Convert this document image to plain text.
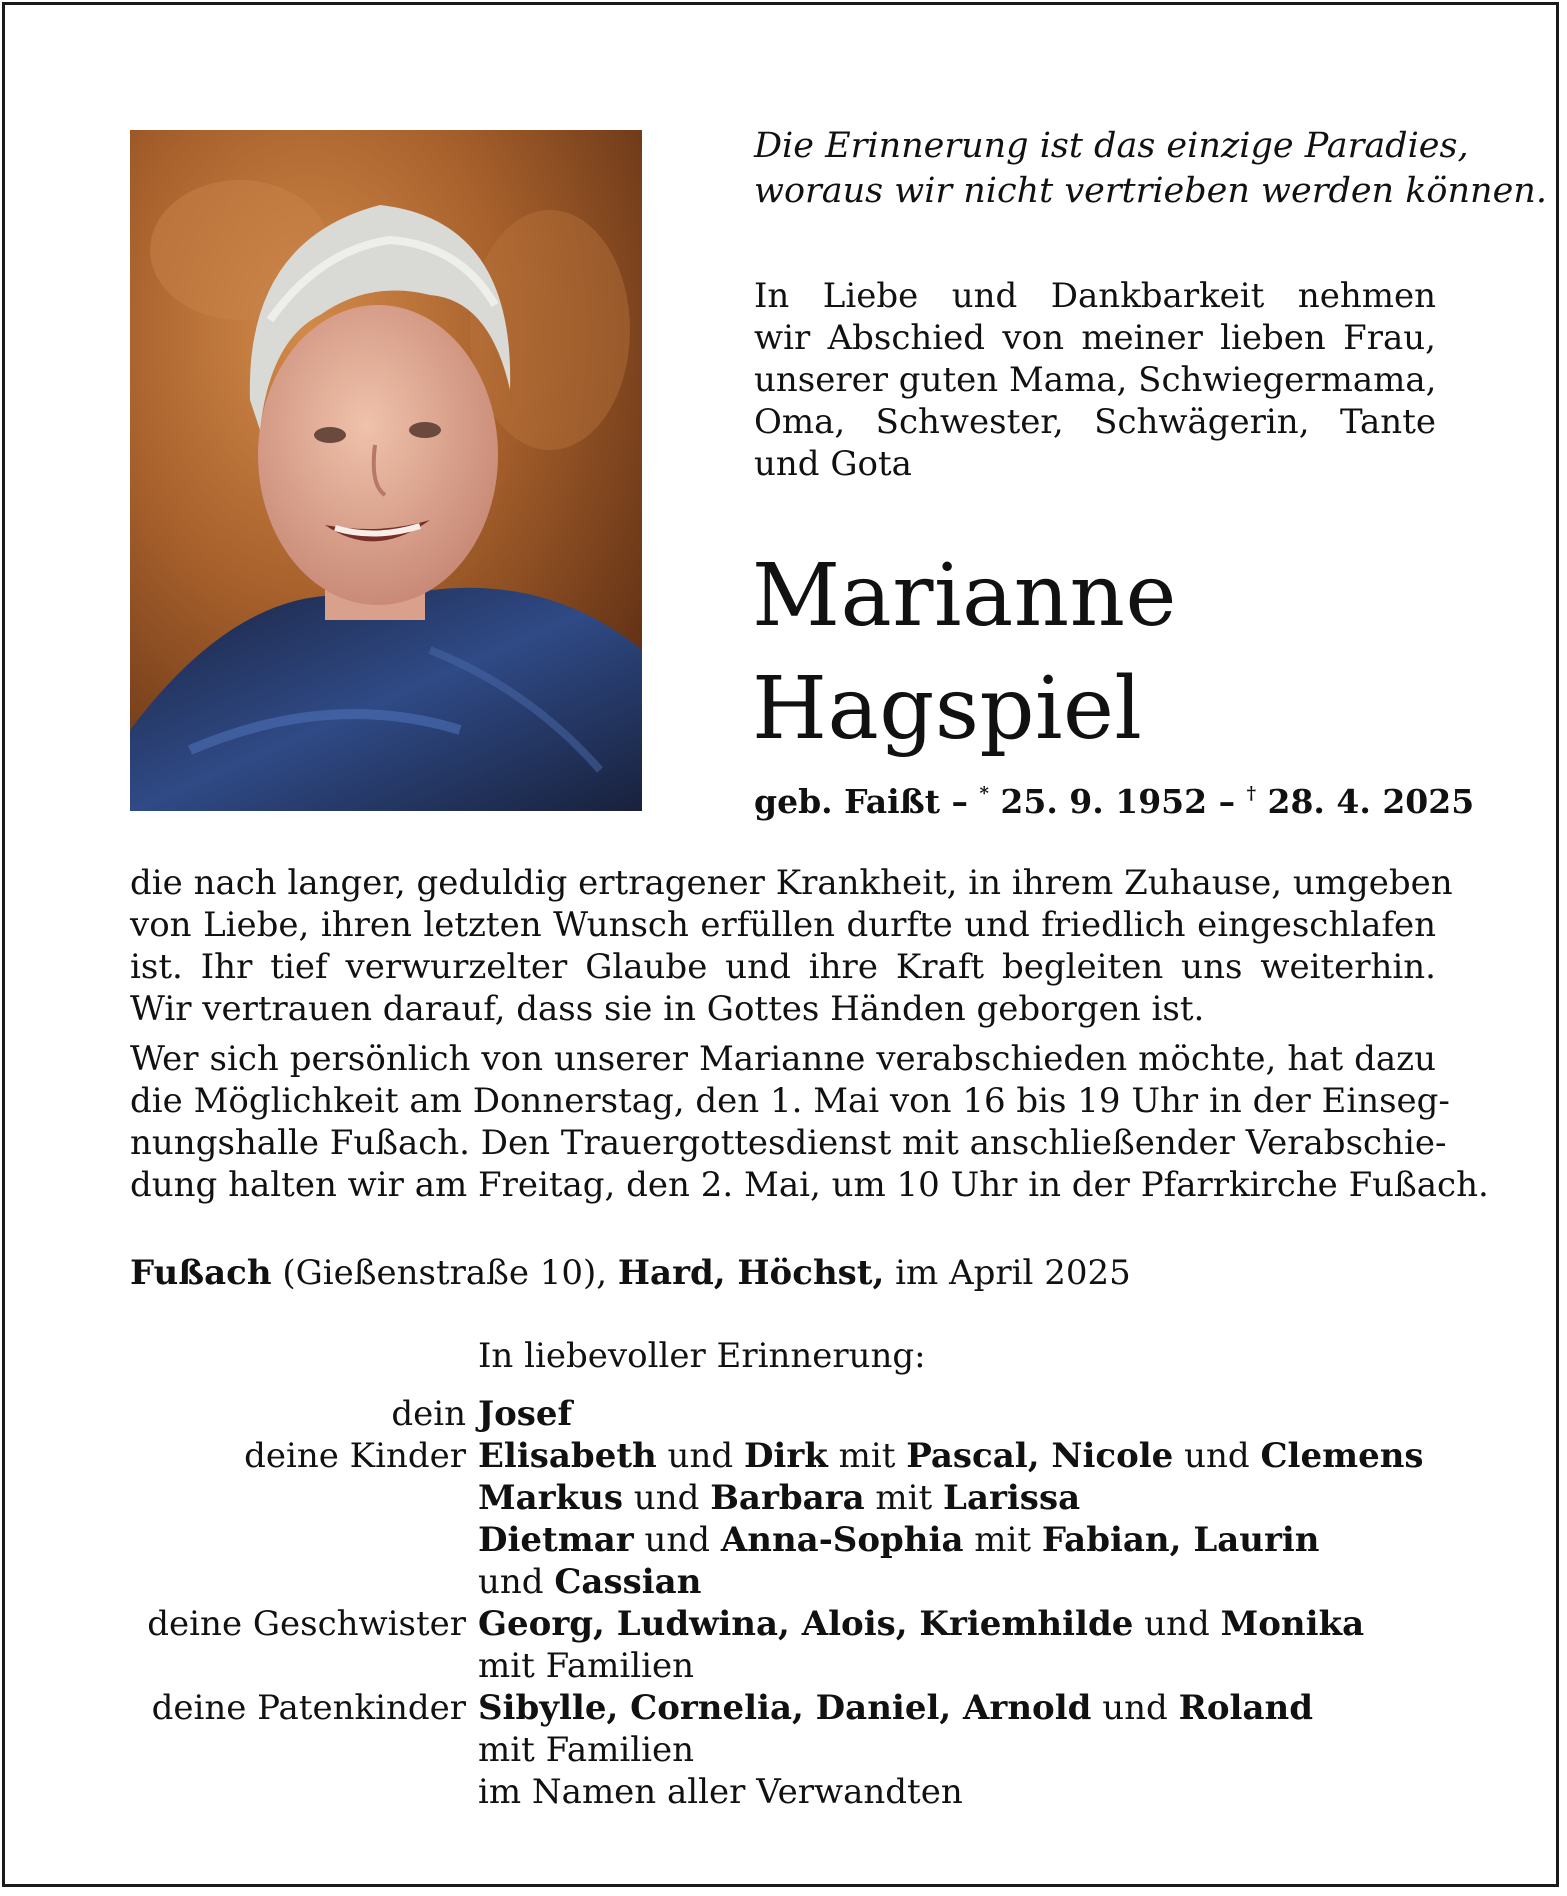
Die Erinnerung ist das einzige Paradies,
woraus wir nicht vertrieben werden können.
In Liebe und Dankbarkeit nehmen
wir Abschied von meiner lieben Frau,
unserer guten Mama, Schwiegermama,
Oma, Schwester, Schwägerin, Tante
und Gota
Marianne
Hagspiel
geb. Faißt – * 25. 9. 1952 – † 28. 4. 2025
die nach langer, geduldig ertragener Krankheit, in ihrem Zuhause, umgeben
von Liebe, ihren letzten Wunsch erfüllen durfte und friedlich eingeschlafen
ist. Ihr tief verwurzelter Glaube und ihre Kraft begleiten uns weiterhin.
Wir vertrauen darauf, dass sie in Gottes Händen geborgen ist.
Wer sich persönlich von unserer Marianne verabschieden möchte, hat dazu
die Möglichkeit am Donnerstag, den 1. Mai von 16 bis 19 Uhr in der Einseg-
nungshalle Fußach. Den Trauergottesdienst mit anschließender Verabschie-
dung halten wir am Freitag, den 2. Mai, um 10 Uhr in der Pfarrkirche Fußach.
Fußach (Gießenstraße 10), Hard, Höchst, im April 2025
In liebevoller Erinnerung:
dein Josef
deine Kinder Elisabeth und Dirk mit Pascal, Nicole und Clemens
Markus und Barbara mit Larissa
Dietmar und Anna-Sophia mit Fabian, Laurin
und Cassian
deine Geschwister Georg, Ludwina, Alois, Kriemhilde und Monika
mit Familien
deine Patenkinder Sibylle, Cornelia, Daniel, Arnold und Roland
mit Familien
im Namen aller Verwandten
